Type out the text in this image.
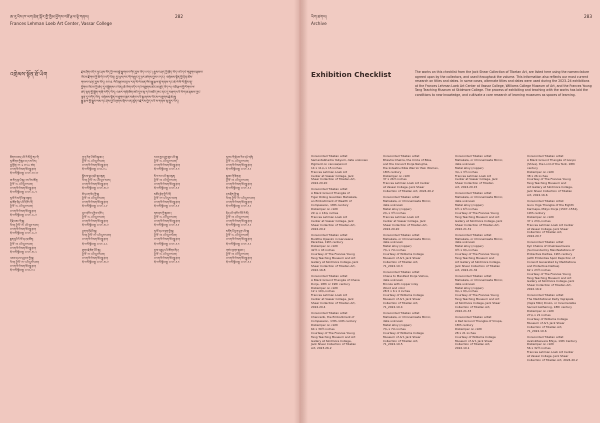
ཨ་རུ་ཕིས་ཁ་ལག་ཐེན་སྐོར་གྱི་ཁྱིམ་ཕྱོགས་བཟོ་རྩལ་ལྟེ་གནས།
Frances Lehman Loeb Art Center, Vassar College
282
འགྲེམས་སྟོན་ཐོ་ཡིག	རྗེས་ཤོག་འདིར་ཉུང་ཤས་བོད་ཀྱི་ལས་སྣེ་སྦྲགས་བཀོད་བྱས་ཡོད་པ་དང་། རྒྱས་བཤད་ཀྱི་ཁྲོད་ཡོད་པའི་དཔེ་གཟུགས་རྣམས་
ཡོངས་རྫོགས་ཀྱི་ཐོ་དེབ་འདི་ཡིན། བྱ་ཡུལ་ཁང་གི་གཞུང་དུ་ཉར་ཚགས་བྱས་པ་དང་། འགྲེམས་སྟོན་གྱི་ཉིན་ཚེས་
གསལ་བཤད་བྱས་ཡོད། ༢༠༢༣ ལོའི་སྐབས་སུ་ཕ་རན་སི་ལེ་མན་ལོབ་སྒྱུ་རྩལ་ལྟེ་གནས་དང་ཝེ་ལེ་སི་ལི་སློབ་གྲྭ་
ཕྱོགས་ཡོངས་ཀྱི་ཆེད་དུ་བསྒྲིགས་པ་ཡིན། ཐོ་ཡིག་འདིར་དཔེ་གཟུགས་ཚང་མ་ཚུད་ཡོད་ལ། བཟོ་རྩལ་གྱི་རིགས་ལ་
ཚད་ལྡན་གྱི་སྒྲིག་གཞི་བཀོད་ཡོད། འཆར་གཞི་ཐོག་མའི་དུས་སུ་དཔེ་མཛོད་ཁང་ནང་དུ་བཞག་པའི་ཡིག་ཆ་རྣམས་ཀྱང་
ལྷན་དུ་བཀོད་ཡོད། འགྲེམས་སྟོན་ལ་ཐུགས་ཁུར་བཞེས་པའི་སྐུ་ཞབས་ཡོངས་ལ་ཐུགས་རྗེ་ཆེ་ཞུ།
སྒྱུ་རྩལ་གྱི་སྒྲུབ་ལམ་དང་ཤེས་བྱའི་ལུགས་སྲོལ་ཕན་ཚུན་བརྗེ་རེས་བྱེད་པའི་ས་གནས་སུ་གྱུར་ཡོད།
ཚིགས་བཅད་པའི་རི་མོ་ཕྱི་ནང་གི་
ལྷ་ཚོགས་ཀྱི་སྣང་བ། རས་རིས།
རྒྱ་ཁྱོན། ༡༤ x ༡༡ in ཙམ།
ཕ་རན་སི་ལེ་མན་ལོབ་སྒྱུ་རྩལ།
ཝེ་ས་སོ་སློབ་གྲྭ། ༢༠༢༤.༠༡.༢༠
ཨ་མི་ཏ་བྷ་ཡི་སྐུ། རས་རིས་ཚོན།
ཕྱི་ལོ་ ༡༨ པའི་དུས་རབས།
ཕ་རན་སི་ལེ་མན་ལོབ་སྒྱུ་རྩལ།
ཝེ་ས་སོ་སློབ་གྲྭ། ༢༠༢༤.༢༨.༤
ལྷ་མོ་རེ་མ་ཏིའི་སྐུ་བརྙན།
ཁྲ་ཚོན་སྲིད་པའི་འཁོར་ལོ།
ཕྱི་ལོ་ ༡༨ པའི་དུས་རབས།
ཕ་རན་སི་ལེ་མན་ལོབ་སྒྱུ་རྩལ།
ཝེ་ས་སོ་སློབ་གྲྭ། ༢༠༢༤.༢༨.༡
རྡོ་རྗེ་འཆང་གི་སྐུ།
ལི་མ། ཕྱི་ལོ་ ༡༦ པའི་དུས་རབས།
ཕ་རན་སི་ལེ་མན་ལོབ་སྒྱུ་རྩལ།
ཝེ་ས་སོ་སློབ་གྲྭ། ༢༠༢༤.༢༨.༡
སྨན་བླའི་རི་མོ་དང་ཁྲ་ཚོན།
ཕྱི་ལོ་ ༡༩ པའི་དུས་རབས།
ཕ་རན་སི་ལེ་མན་ལོབ་སྒྱུ་རྩལ།
ཝེ་ས་སོ་སློབ་གྲྭ། ༢༠༢༤.༡༢.༣
འཇམ་དཔལ་དབྱངས་ཀྱི་སྐུ།
ལི་མ། ཕྱི་ལོ་ ༡༧ པའི་དུས་རབས།
ཕ་རན་སི་ལེ་མན་ལོབ་སྒྱུ་རྩལ།
ཝེ་ས་སོ་སློབ་གྲྭ། ༢༠༢༣.༡.༣
གུ་རུ་རིན་པོ་ཆེའི་སྐུ་ཐང་།
ཕྱི་ལོ་ ༡༨ པའི་དུས་རབས།
ཕ་རན་སི་ལེ་མན་ལོབ་སྒྱུ་རྩལ།
ཝེ་ས་སོ་སློབ་གྲྭ། ༢༠༢༣.༡.༨
སྒྲོལ་མ་ལྗང་ཁུའི་སྐུ་བརྙན།
ལི་མ། ཕྱི་ལོ་ ༡༥ པའི་དུས་རབས།
ཕ་རན་སི་ལེ་མན་ལོབ་སྒྱུ་རྩལ།
ཝེ་ས་སོ་སློབ་གྲྭ། ༢༠༢༤.༡༢.༡
ཚེ་དཔག་མེད་ཀྱི་སྐུ།
ཕྱི་ལོ་ ༡༩ པའི་དུས་རབས།
ཕ་རན་སི་ལེ་མན་ལོབ་སྒྱུ་རྩལ།
ཝེ་ས་སོ་སློབ་གྲྭ། ༢༠༢༤.༢.༡
དུས་འཁོར་དཀྱིལ་འཁོར།
ཕྱི་ལོ་ ༡༨ པའི་དུས་རབས།
ཕ་རན་སི་ལེ་མན་ལོབ་སྒྱུ་རྩལ།
ཝེ་ས་སོ་སློབ་གྲྭ། ༢༠༢༤.༡༢.༡
ཕྱག་ན་རྡོ་རྗེའི་སྐུ།
ལི་མ། ཕྱི་ལོ་ ༡༧ པའི་དུས་རབས།
ཕ་རན་སི་ལེ་མན་ལོབ་སྒྱུ་རྩལ།
ཝེ་ས་སོ་སློབ་གྲྭ། ༢༠༢༤.༣.༣
ཐུགས་རྗེ་ཆེན་པོའི་སྐུ།
ཕྱི་ལོ་ ༡༦ པའི་དུས་རབས།
ཕ་རན་སི་ལེ་མན་ལོབ་སྒྱུ་རྩལ།
ཝེ་ས་སོ་སློབ་གྲྭ། ༢༠༢༤.༡༢.༡
སངས་རྒྱས་ཤཱཀྱ་ཐུབ་པའི་སྐུ།
ཕྱི་ལོ་ ༡༨ པའི་དུས་རབས།
ཕ་རན་སི་ལེ་མན་ལོབ་སྒྱུ་རྩལ།
ཝེ་ས་སོ་སློབ་གྲྭ། ༢༠༢༤.༡.༤
མི་ལ་རས་པའི་སྐུ་བརྙན།
ཕྱི་ལོ་ ༡༩ པའི་དུས་རབས།
ཕ་རན་སི་ལེ་མན་ལོབ་སྒྱུ་རྩལ།
ཝེ་ས་སོ་སློབ་གྲྭ། ༢༠༢༤.༡.༡
མཆོད་རྟེན་གྱི་རི་མོ།
ཕྱི་ལོ་ ༡༧ པའི་དུས་རབས།
ཕ་རན་སི་ལེ་མན་ལོབ་སྒྱུ་རྩལ།
ཝེ་ས་སོ་སློབ་གྲྭ། ༢༠༢༤.༡.༡
ནམ་སྲས་ཀྱི་སྐུ་ཐང་།
ཕྱི་ལོ་ ༡༨ པའི་དུས་རབས།
ཕ་རན་སི་ལེ་མན་ལོབ་སྒྱུ་རྩལ།
ཝེ་ས་སོ་སློབ་གྲྭ། ༢༠༢༤.༡.༡
ལྷ་མོ་དཔལ་ལྡན་གྱི་སྐུ།
ཕྱི་ལོ་ ༡༩ པའི་དུས་རབས།
ཕ་རན་སི་ལེ་མན་ལོབ་སྒྱུ་རྩལ།
ཝེ་ས་སོ་སློབ་གྲྭ། ༢༠༢༤.༡.༤
བླ་མ་བརྒྱུད་པའི་ཚོགས་ཞིང་།
ཕྱི་ལོ་ ༡༨ པའི་དུས་རབས།
ཕ་རན་སི་ལེ་མན་ལོབ་སྒྱུ་རྩལ།
ཝེ་ས་སོ་སློབ་གྲྭ། ༢༠༢༤.༡.༤
ལྷ་ཁང་གི་ལྡེབས་རིས་དཔེ་གཞི།
ཕྱི་ལོ་ ༡༨ པའི་དུས་རབས།
ཕ་རན་སི་ལེ་མན་ལོབ་སྒྱུ་རྩལ།
ཝེ་ས་སོ་སློབ་གྲྭ། ༢༠༢༤.༡.༥
སྐུ་ཐང་གི་ཐིག་རྩ།
ཕྱི་ལོ་ ༡༩ པའི་དུས་རབས།
ཕ་རན་སི་ལེ་མན་ལོབ་སྒྱུ་རྩལ།
ཝེ་ས་སོ་སློབ་གྲྭ། ༢༠༢༤.༡.༥
རྟ་མགྲིན་གྱི་སྐུ།
ལི་མ། ཕྱི་ལོ་ ༡༧ པའི་དུས་རབས།
ཕ་རན་སི་ལེ་མན་ལོབ་སྒྱུ་རྩལ།
ཝེ་ས་སོ་སློབ་གྲྭ། ༢༠༢༤.༡.༥
སྲིད་པའི་འཁོར་ལོའི་རི་མོ།
ཕྱི་ལོ་ ༡༩ པའི་དུས་རབས།
ཕ་རན་སི་ལེ་མན་ལོབ་སྒྱུ་རྩལ།
ཝེ་ས་སོ་སློབ་གྲྭ། ༢༠༢༤.༡.༥
མགོན་པོ་ཕྱག་དྲུག་པའི་སྐུ།
ཕྱི་ལོ་ ༡༨ པའི་དུས་རབས།
ཕ་རན་སི་ལེ་མན་ལོབ་སྒྱུ་རྩལ།
ཝེ་ས་སོ་སློབ་གྲྭ། ༢༠༢༤.༡.༥
གཙང་ལུགས་སྐུ་ཐང་།
ཕྱི་ལོ་ ༡༩ པའི་དུས་རབས།
ཕ་རན་སི་ལེ་མན་ལོབ་སྒྱུ་རྩལ།
ཝེ་ས་སོ་སློབ་གྲྭ། ༢༠༢༤.༡.༥
ཡིག་ཚགས།
Archive
283
Exhibition Checklist	The works on this checklist from the Jack Shear Collection of Tibetan Art, are listed here using the nomenclature agreed upon by the collectors, and used throughout the volume. This information also reflects our most current research on titles and dates. In some cases, alternate titles and dates were used during the 2023–24 exhibitions at the Frances Lehman Loeb Art Center at Vassar College, Williams College Museum of Art, and the Frances Young Tang Teaching Museum at Skidmore College. The process of exhibiting and teaching with the works has laid the conditions to new knowledge, and cultivate a core research of learning museums as spaces of learning.
Unrecorded Tibetan artist
Samantabhadra Yabyum, date unknown
Pigment on canvas/wood
14 x 11¼ x 15 inches
Frances Lehman Loeb Art
Center at Vassar College, Jack
Shear Collection of Tibetan Art,
2024.20.20
Unrecorded Tibetan artist
A Black Ground Thangka of
Tiger Riding Guardian Mahakala,
an Embodiment of Wealth of
Compassion, 18th century
Distemper on cloth
29 ¼ x 16¾ inches
Frances Lehman Loeb Art
Center at Vassar College, Jack
Shear Collection of Tibetan Art,
2024.20.2
Unrecorded Tibetan artist
Buddha Ojasvini in Garuwane
Paradise, 19th century
Distemper on cloth
42½ x 43 inches
Courtesy of The Frances Young
Tang Teaching Museum and Art
Gallery at Skidmore College, Jack
Shear Collection of Tibetan Art,
2022.16.8
Unrecorded Tibetan artist
A Black Ground Thangka of Chana
Dorje, 18th or 19th century
Distemper on cloth
12 x 10¾ inches
Frances Lehman Loeb Art
Center at Vassar College, Jack
Shear Collection of Tibetan Art,
2024.20.4
Unrecorded Tibetan artist
Chenrezik, the Embodiment of
Compassion, 13th–14th century
Distemper on cloth
64 x 39½ inches
Courtesy of The Frances Young
Tang Teaching Museum and Art
Gallery at Skidmore College,
Jack Shear Collection of Tibetan
Art, 2023.26.2
Unrecorded Tibetan artist
Bhavha Chakra, the Circle of Bliss,
and the Consort Dorje Nelujma,
the Indestructible Warrior Pain Woman,
18th century
Distemper on cloth
37 x 26½ inches
Frances Lehman Loeb Art Center
at Vassar College, Jack Shear
Collection of Tibetan Art, 2024.20.2
Unrecorded Tibetan artist
Mahakala, or Chinnamasta Mirror,
date unknown
Metal alloy (copper)
2¾ x 3½ inches
Frances Lehman Loeb Art
Center at Vassar College, Jack
Shear Collection of Tibetan Art,
2024.20.20
Unrecorded Tibetan artist
Mahakala, or Chinnamasta Mirror,
date unknown
Metal alloy (copper)
7¾ x 7⅛ inches
Courtesy of Williams College
Museum of Art, Jack Shear
Collection of Tibetan Art,
71_2022.10.3
Unrecorded Tibetan artist
Chana to Manifest Dorje Vishva,
date unknown
Bronze with copper inlay
Wood and color
28.5 x 6 x 4 inches
Courtesy of Williams College
Museum of Art, Jack Shear
Collection of Tibetan Art,
71_2022.10.4
Unrecorded Tibetan artist
Mahakala, or Chinnamasta Mirror,
date unknown
Metal alloy (copper)
7¾ x 7⅛ inches
Courtesy of Williams College
Museum of Art, Jack Shear
Collection of Tibetan Art,
71_2022.10.5
Unrecorded Tibetan artist
Mahakala, or Chinnamasta Mirror,
date unknown
Metal alloy (copper)
3¼ x 3½ inches
Frances Lehman Loeb Art
Center at Vassar College, Jack
Shear Collection of Tibetan
Art, 2024.20.15
Unrecorded Tibetan artist
Mahakala, or Chinnamasta Mirror,
date unknown
Metal alloy (copper)
6½ x 6½ inches
Courtesy of The Frances Young
Tang Teaching Museum and Art
Gallery at Skidmore College, Jack
Shear Collection of Tibetan Art,
2022.21.31
Unrecorded Tibetan artist
Mahakala, or Chinnamasta Mirror,
date unknown
Metal alloy (copper)
9½ x 9¾ inches
Courtesy of The Frances Young
Tang Teaching Museum and
Art Gallery at Skidmore College,
Jack Shear Collection of Tibetan
Art, 2022.21.32
Unrecorded Tibetan artist
Mahakala, or Chinnamasta Mirror,
date unknown
Metal alloy (copper)
9¼ x 9¾ inches
Courtesy of The Frances Young
Tang Teaching Museum and Art
at Skidmore College, Jack Shear
Collection of Tibetan Art,
2022.21.33
Unrecorded Tibetan artist
A Red Ground Thangka of Virupa,
18th century
Distemper on cloth
28 x 21 inches
Courtesy of Williams College
Museum of Art, Jack Shear
Collection of Tibetan Art,
2022.10.1
Unrecorded Tibetan artist
A Black Ground Thangka of Gonpo
(Shiva), the Lord of the Tent, 18th
century
Distemper on cloth
38 x 26 inches
Courtesy of The Frances Young
Tang Teaching Museum and
Art Gallery at Skidmore College,
Jack Shear Collection of Tibetan
Art, 2022.16.6
Unrecorded Tibetan Artist
Guru Yoga Thangka of the Eighth
Karmapa, Mikyo Dorje (1507–1554),
19th century
Distemper on cloth
37 x 23¾ inches
Frances Lehman Loeb Art Center
at Vassar College, Jack Shear
Collection of Tibetan Art,
2024.20.7
Unrecorded Tibetan artist
Kyil Chakra of Chakrasamvara
(Surrounded by Manifestations of
Protective Deities, 19th century
(with Embodies Spoil Depiction of
Consort Generated by Meditations
and Protective Deities)
62 x 23½ inches
Courtesy of The Frances Young
Tang Teaching Museum and Art
Gallery at Skidmore College, Jack
Shear Collection of Tibetan Art,
2022.16.9
Unrecorded Tibetan artist
The Meditational Deity Vajrapala
(Vajra Miki) Druko, or Innumerable
Sacred Gathering, 18th century
Distemper on cloth
27¼ x 21 inches
Courtesy of Williams College
Museum of Art, Jack Shear
Collection of Tibetan Art,
71_2022.10.6
Unrecorded Tibetan artist
Avalokitesvara Bhiys, 19th Century
Distemper on cloth
56 x 32½ inches
Frances Lehman Loeb Art Center
at Vassar College, Jack Shear
Collection of Tibetan Art, 2024.20.2
